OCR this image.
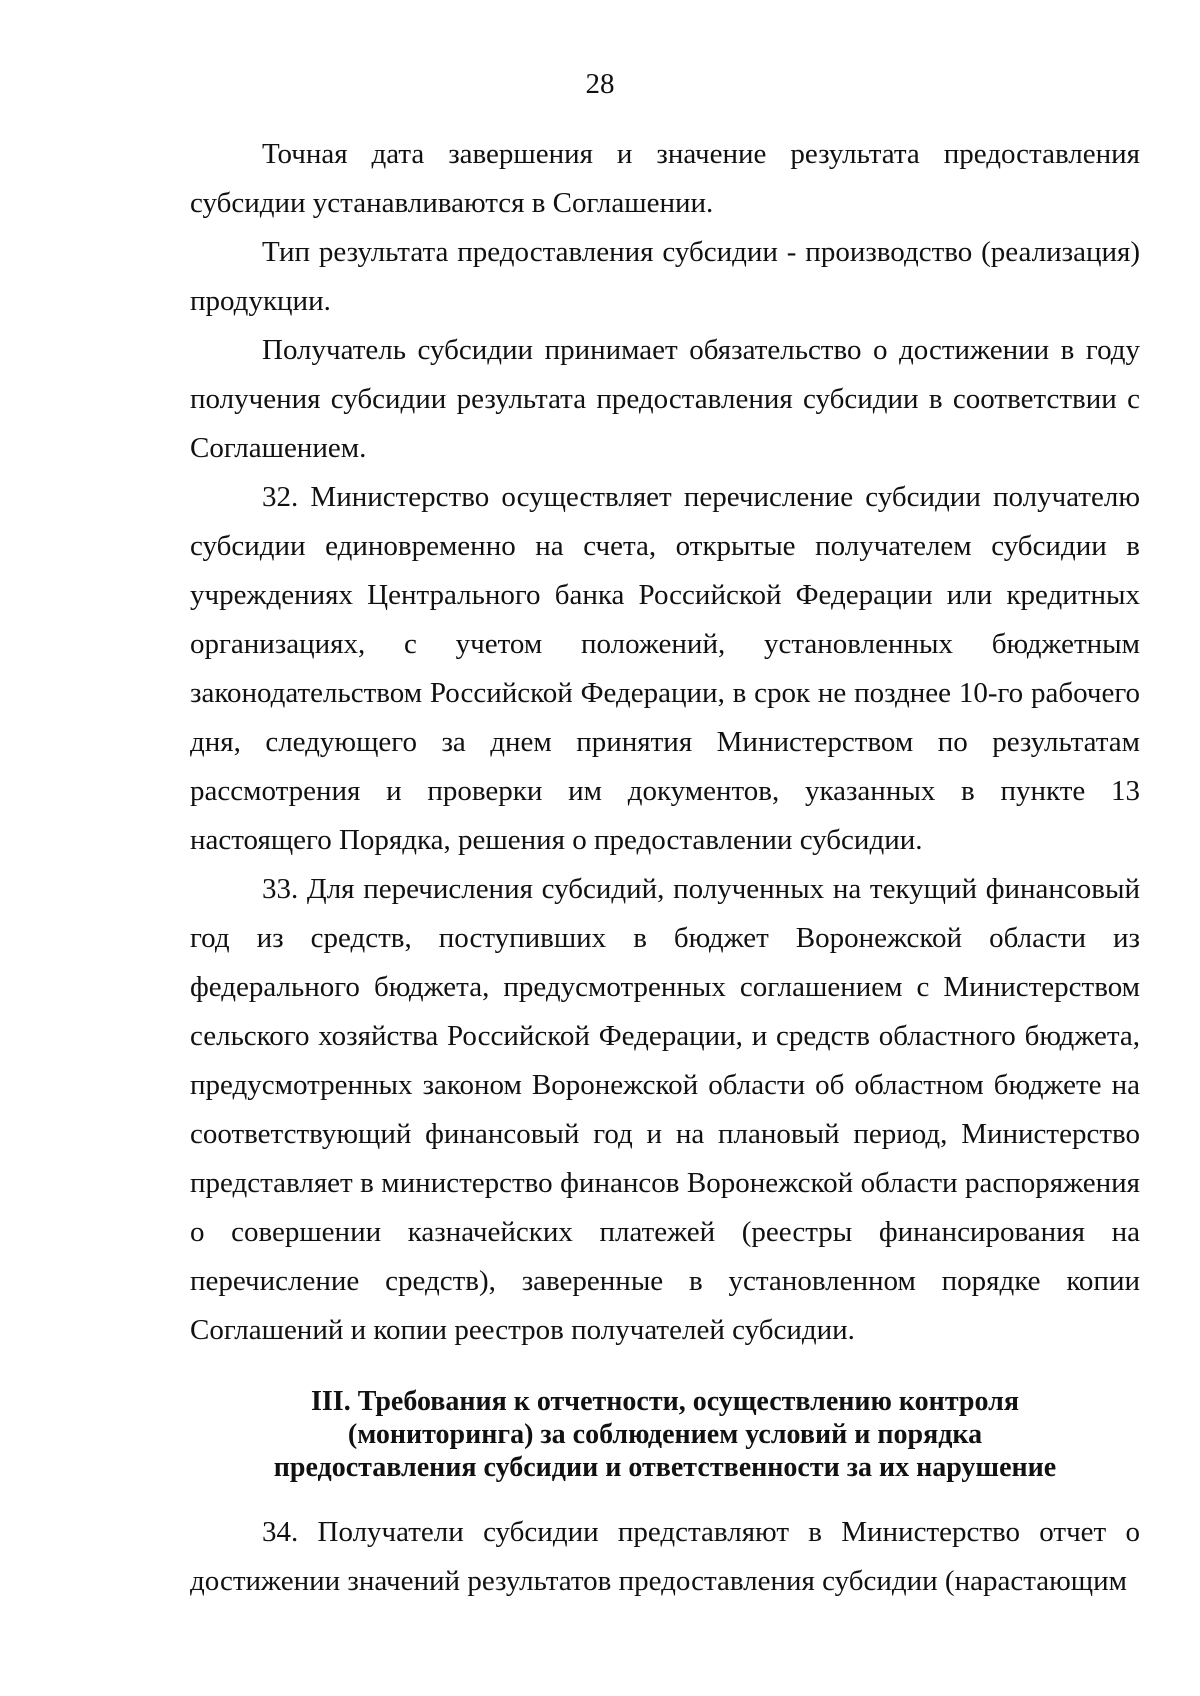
28

Точная дата завершения и значение результата предоставления субсидии устанавливаются в Соглашении.

Тип результата предоставления субсидии - производство (реализация) продукции.

Получатель субсидии принимает обязательство о достижении в году получения субсидии результата предоставления субсидии в соответствии с Соглашением.

32. Министерство осуществляет перечисление субсидии получателю субсидии единовременно на счета, открытые получателем субсидии в учреждениях Центрального банка Российской Федерации или кредитных организациях, с учетом положений, установленных бюджетным законодательством Российской Федерации, в срок не позднее 10-го рабочего дня, следующего за днем принятия Министерством по результатам рассмотрения и проверки им документов, указанных в пункте 13 настоящего Порядка, решения о предоставлении субсидии.

33. Для перечисления субсидий, полученных на текущий финансовый год из средств, поступивших в бюджет Воронежской области из федерального бюджета, предусмотренных соглашением с Министерством сельского хозяйства Российской Федерации, и средств областного бюджета, предусмотренных законом Воронежской области об областном бюджете на соответствующий финансовый год и на плановый период, Министерство представляет в министерство финансов Воронежской области распоряжения о совершении казначейских платежей (реестры финансирования на перечисление средств), заверенные в установленном порядке копии Соглашений и копии реестров получателей субсидии.

III. Требования к отчетности, осуществлению контроля
(мониторинга) за соблюдением условий и порядка
предоставления субсидии и ответственности за их нарушение

34. Получатели субсидии представляют в Министерство отчет о достижении значений результатов предоставления субсидии (нарастающим
